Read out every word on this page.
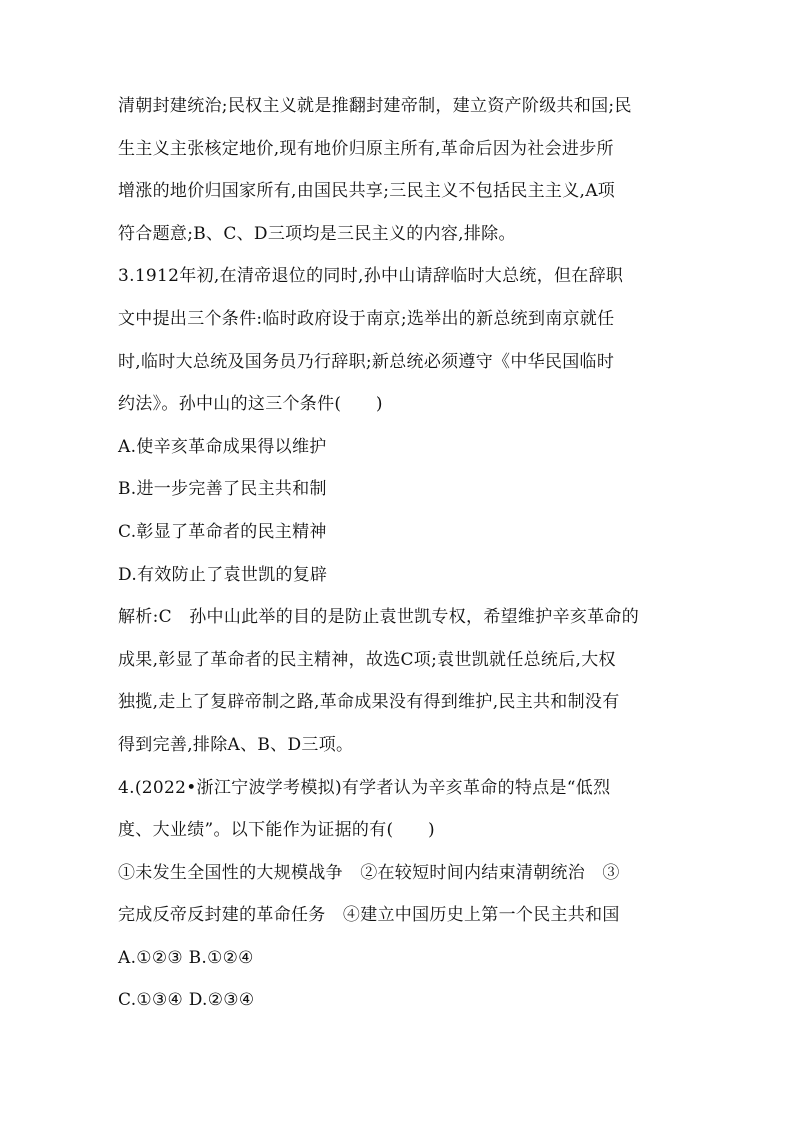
清朝封建统治;民权主义就是推翻封建帝制，建立资产阶级共和国;民
生主义主张核定地价,现有地价归原主所有,革命后因为社会进步所
增涨的地价归国家所有,由国民共享;三民主义不包括民主主义,A项
符合题意;B、C、D三项均是三民主义的内容,排除。
3.1912年初,在清帝退位的同时,孙中山请辞临时大总统，但在辞职
文中提出三个条件:临时政府设于南京;选举出的新总统到南京就任
时,临时大总统及国务员乃行辞职;新总统必须遵守《中华民国临时
约法》。孙中山的这三个条件(　　)
A.使辛亥革命成果得以维护
B.进一步完善了民主共和制
C.彰显了革命者的民主精神
D.有效防止了袁世凯的复辟
解析:C　孙中山此举的目的是防止袁世凯专权，希望维护辛亥革命的
成果,彰显了革命者的民主精神，故选C项;袁世凯就任总统后,大权
独揽,走上了复辟帝制之路,革命成果没有得到维护,民主共和制没有
得到完善,排除A、B、D三项。
4.(2022•浙江宁波学考模拟)有学者认为辛亥革命的特点是“低烈
度、大业绩”。以下能作为证据的有(　　)
①未发生全国性的大规模战争　②在较短时间内结束清朝统治　③
完成反帝反封建的革命任务　④建立中国历史上第一个民主共和国
A.①②③ B.①②④
C.①③④ D.②③④
